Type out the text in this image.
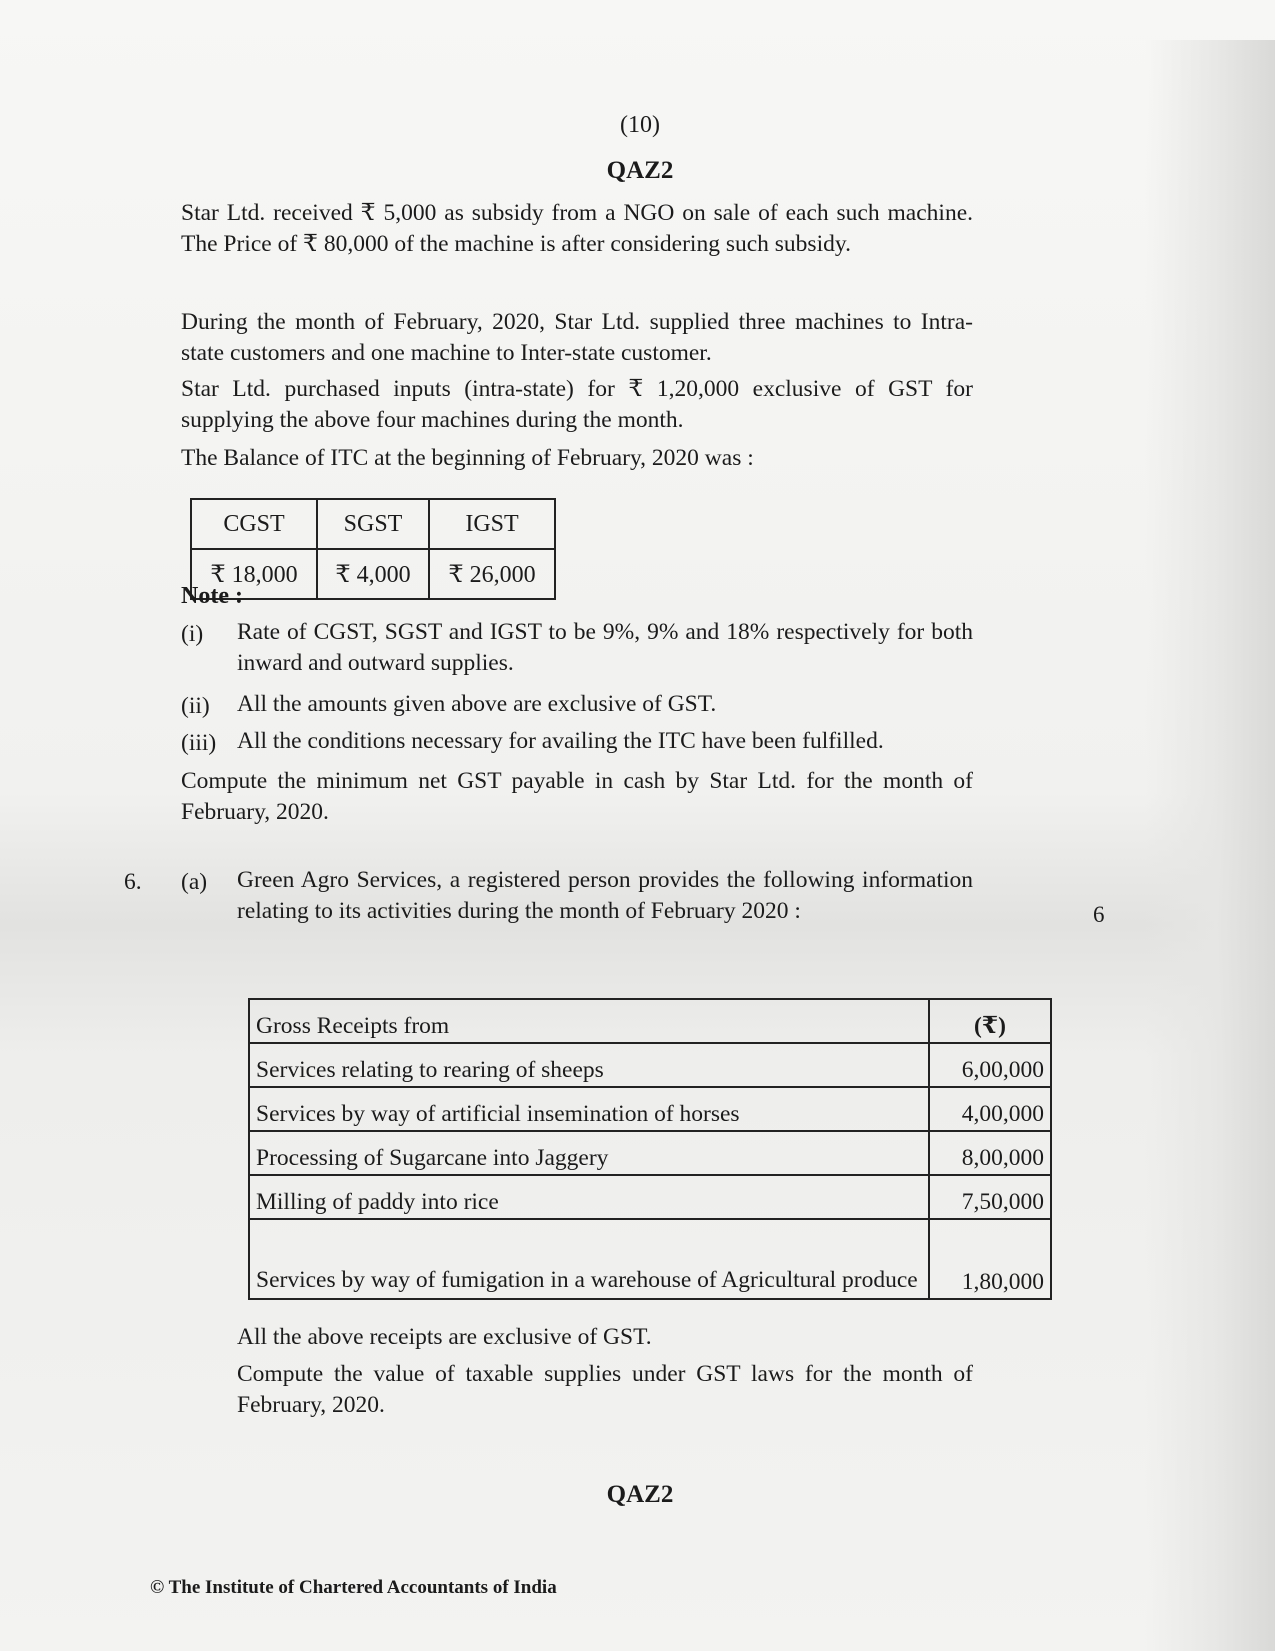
(10)
QAZ2
Star Ltd. received ₹ 5,000 as subsidy from a NGO on sale of each such machine. The Price of ₹ 80,000 of the machine is after considering such subsidy.
During the month of February, 2020, Star Ltd. supplied three machines to Intra-state customers and one machine to Inter-state customer.
Star Ltd. purchased inputs (intra-state) for ₹ 1,20,000 exclusive of GST for supplying the above four machines during the month.
The Balance of ITC at the beginning of February, 2020 was :
CGST	SGST	IGST
₹ 18,000	₹ 4,000	₹ 26,000
Note :
(i) Rate of CGST, SGST and IGST to be 9%, 9% and 18% respectively for both inward and outward supplies.
(ii) All the amounts given above are exclusive of GST.
(iii) All the conditions necessary for availing the ITC have been fulfilled.
Compute the minimum net GST payable in cash by Star Ltd. for the month of February, 2020.
6. (a) Green Agro Services, a registered person provides the following information relating to its activities during the month of February 2020 :	6
Gross Receipts from	(₹)
Services relating to rearing of sheeps	6,00,000
Services by way of artificial insemination of horses	4,00,000
Processing of Sugarcane into Jaggery	8,00,000
Milling of paddy into rice	7,50,000
Services by way of fumigation in a warehouse of Agricultural produce	1,80,000
All the above receipts are exclusive of GST.
Compute the value of taxable supplies under GST laws for the month of February, 2020.
QAZ2
© The Institute of Chartered Accountants of India
